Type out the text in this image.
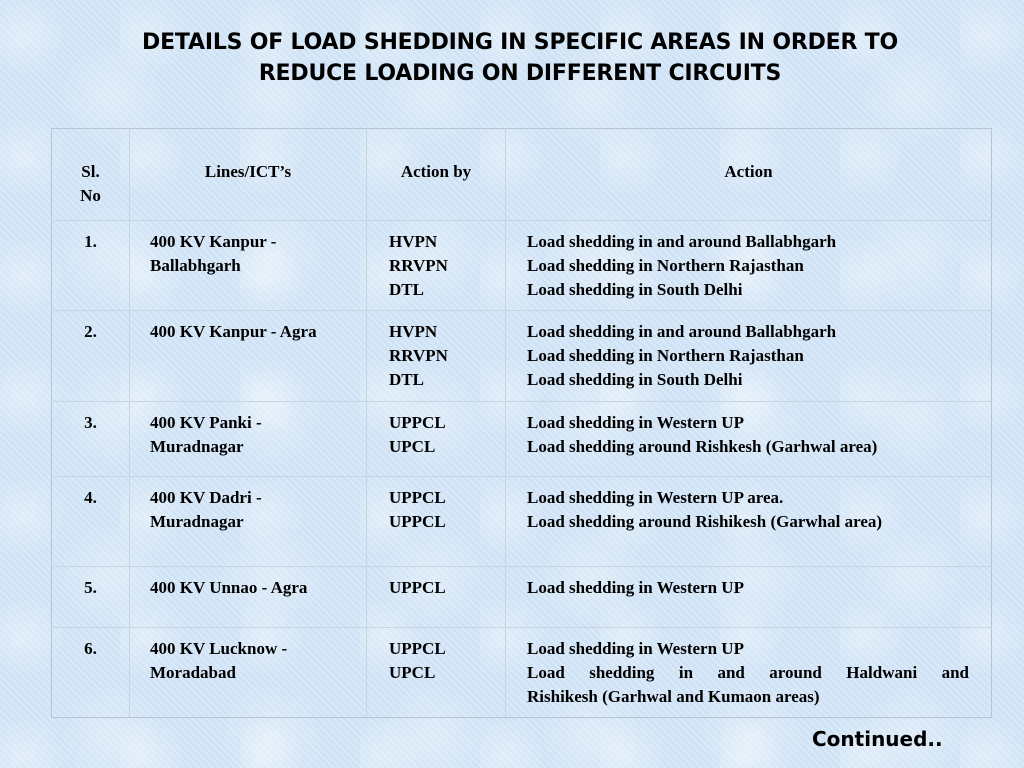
DETAILS OF LOAD SHEDDING IN SPECIFIC AREAS IN ORDER TO
REDUCE LOADING ON DIFFERENT CIRCUITS
Sl.
No	Lines/ICT’s	Action by	Action
1.	400 KV Kanpur -
Ballabhgarh	HVPN
RRVPN
DTL	Load shedding in and around Ballabhgarh
Load shedding in Northern Rajasthan
Load shedding in South Delhi

2.	400 KV Kanpur - Agra	HVPN
RRVPN
DTL	Load shedding in and around Ballabhgarh
Load shedding in Northern Rajasthan
Load shedding in South Delhi

3.	400 KV Panki -
Muradnagar	UPPCL
UPCL	Load shedding in Western UP
Load shedding around Rishkesh (Garhwal area)

4.	400 KV Dadri -
Muradnagar	UPPCL
UPPCL	Load shedding in Western UP area.
Load shedding around Rishikesh (Garwhal area)

5.	400 KV Unnao - Agra	UPPCL	Load shedding in Western UP

6.	400 KV Lucknow -
Moradabad	UPPCL
UPCL	Load shedding in Western UP
Load shedding in and around Haldwani and
Rishikesh (Garhwal and Kumaon areas)
Continued..
